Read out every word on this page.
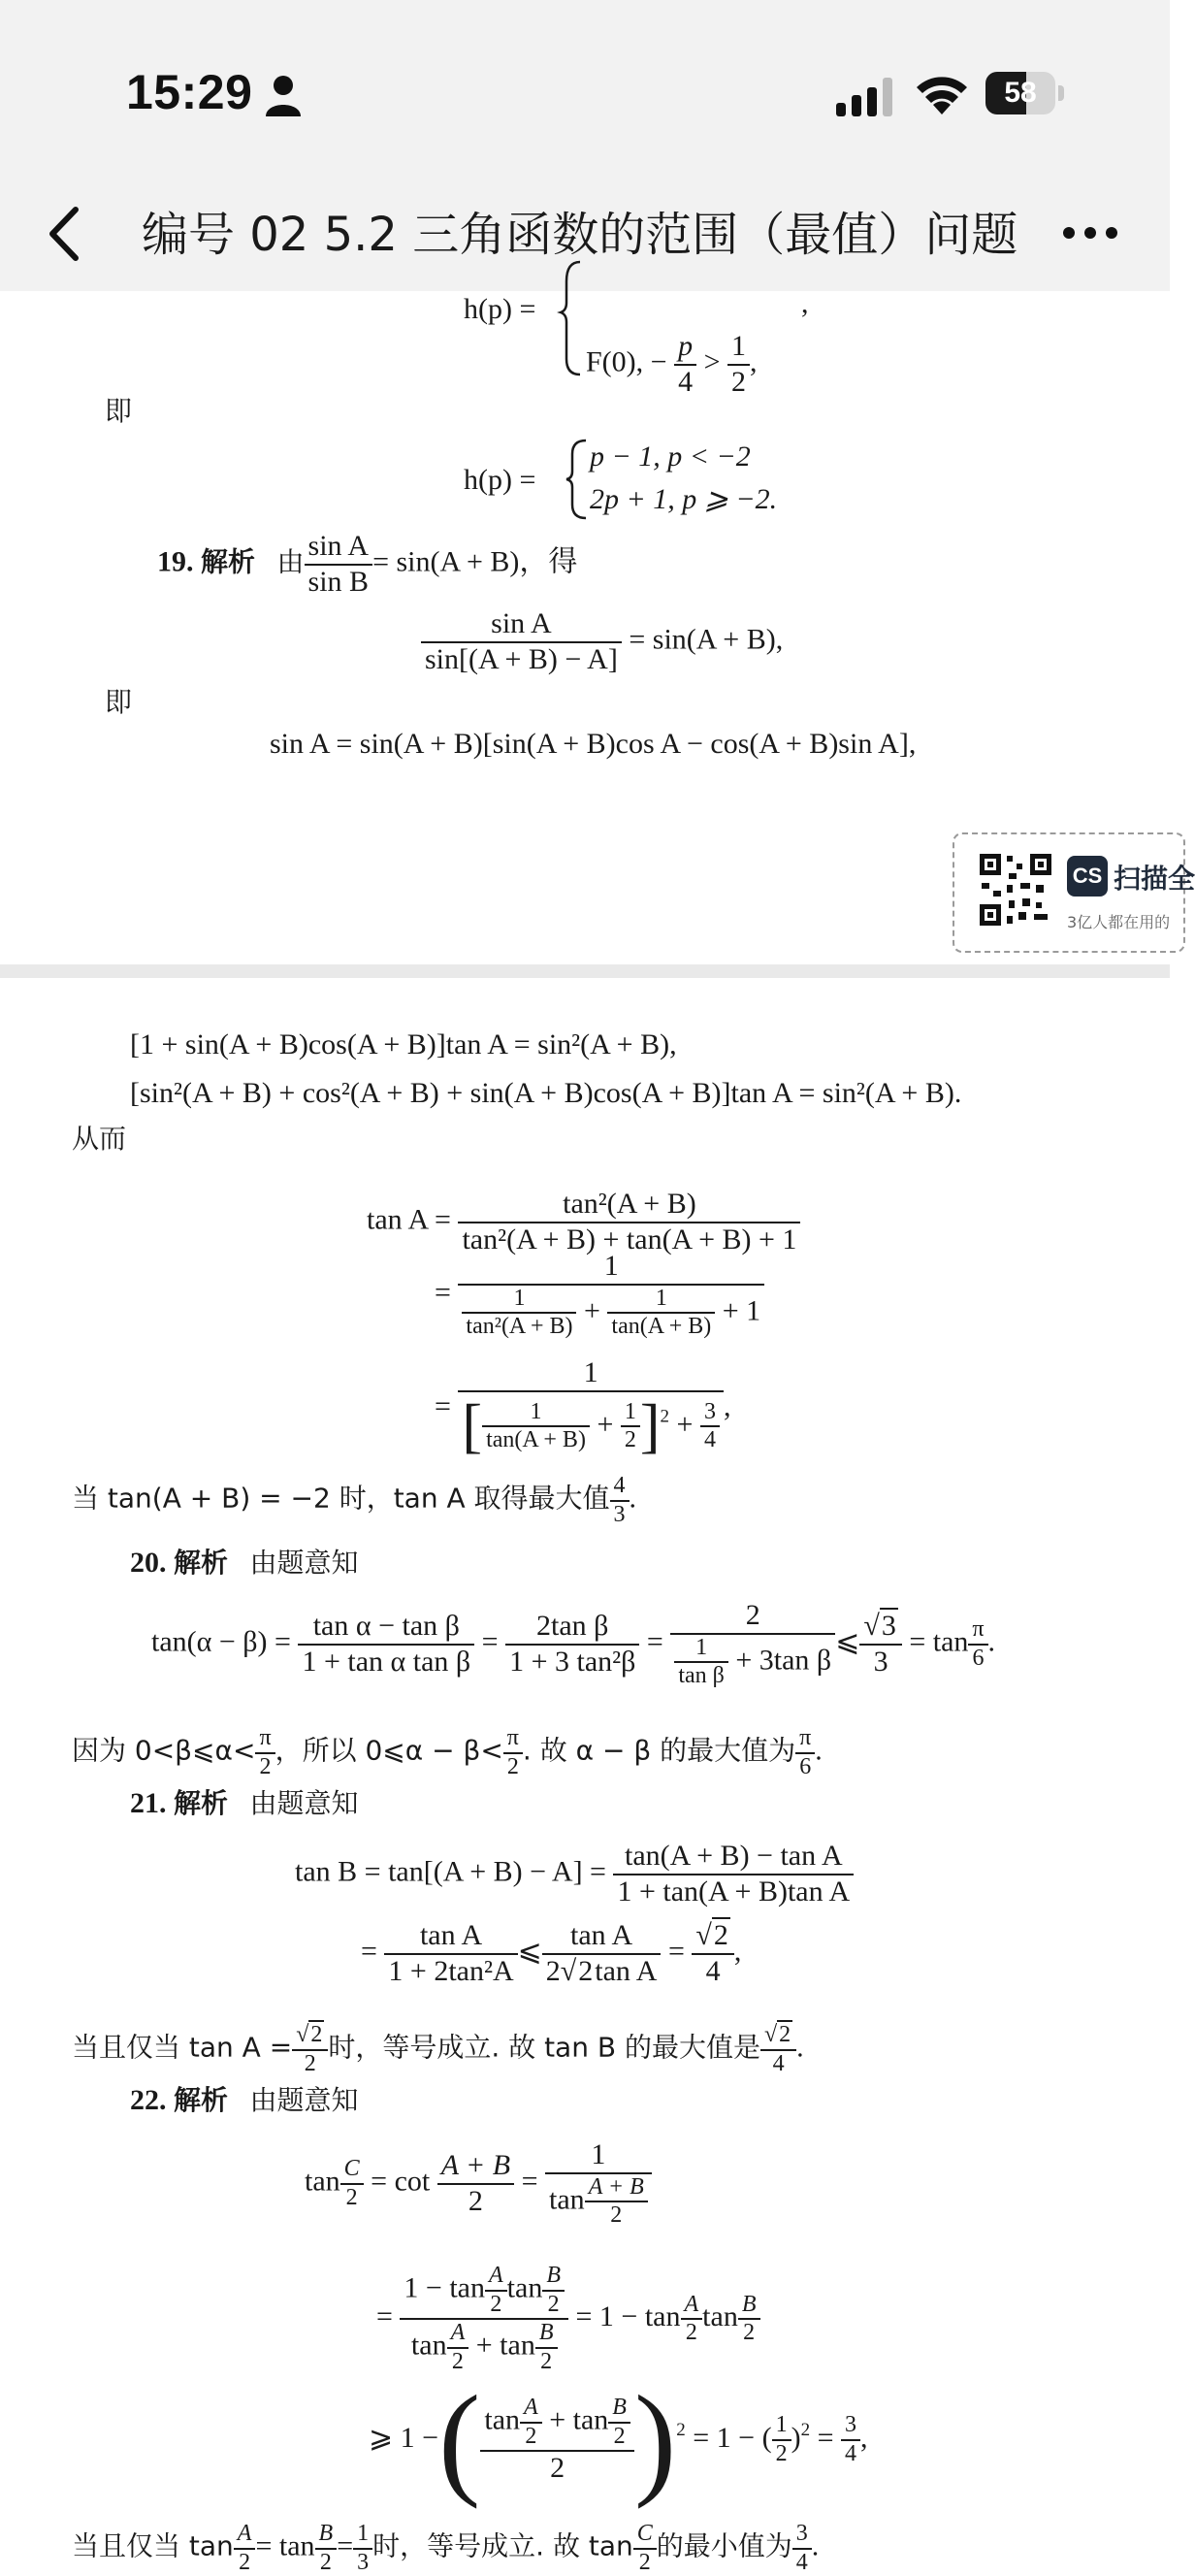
15:29	58
编号 02 5.2 三角函数的范围（最值）问题
h(p) =
F(0), − $\frac{p}{4} > \frac{1}{2}$ ,
,
即
h(p) =
p − 1, p < −2
2p + 1, p ⩾ −2.
19. 解析 由 $\frac{\text{sin A}}{\text{sin B}} = \sin(A + B)$，得
$\frac{\text{sin A}}{\sin[(A + B) - A]} = \sin(A + B)$,
即
sin A = sin(A + B)[sin(A + B)cos A − cos(A + B)sin A],
CS 扫描全
3亿人都在用的
[1 + sin(A + B)cos(A + B)]tan A = sin²(A + B),
[sin²(A + B) + cos²(A + B) + sin(A + B)cos(A + B)]tan A = sin²(A + B).
从而
$\tan A = \frac{\text{tan²(A + B)}}{\text{tan²(A + B) + tan(A + B) + 1}}$
= $\frac{1}{\frac{1}{\text{tan²(A + B)}} + \frac{1}{\tan(A + B)} + 1}$
= $\frac{1}{[ \frac{1}{\tan(A + B)} + \frac{1}{2} ]^2 + \frac{3}{4}}$ ,
当 tan(A + B) = −2 时，tan A 取得最大值 $\frac{4}{3}$ .
20. 解析 由题意知
$\tan(\alpha - \beta) = \frac{\text{tan α − tan β}}{\text{1 + tan α tan β}} = \frac{\text{2tan β}}{\text{1 + 3 tan²β}} = \frac{2}{\frac{1}{\text{tan β}} + 3\tan \beta}$ ⩽ $\frac{√3}{3} = \tan \frac{\pi}{6}$ .
因为 0<β⩽α< $\frac{\pi}{2}$ ，所以 0⩽α − $\beta< \frac{\pi}{2}$ . 故 α − β 的最大值为 $\frac{\pi}{6}$ .
21. 解析 由题意知
$\tan B = \tan[(A + B) - A] = \frac{\text{tan(A + B) − tan A}}{\text{1 + tan(A + B)tan A}}$
= $\frac{\text{tan A}}{\text{1 + 2tan²A}}$ ⩽ $\frac{\text{tan A}}{\text{2√2tan A}} = \frac{√2}{4}$ ,
当且仅当 $\tan A = \frac{√2}{2}$ 时，等号成立. 故 tan B 的最大值是 $\frac{√2}{4}$ .
22. 解析 由题意知
$\tan \frac{C}{2} = \cot \frac{A + B}{2} = \frac{1}{\tan \frac{A + B}{2}}$
= $\frac{1 - \tan \frac{A}{2} \tan \frac{B}{2}}{\tan \frac{A}{2} + \tan \frac{B}{2}} = 1 - \tan \frac{A}{2}$ $\tan \frac{B}{2}$
⩾ 1 −( $\frac{\tan \frac{A}{2} + \tan \frac{B}{2}}{2} )^2 = 1$ − ( $\frac{1}{2} )^2 = \frac{3}{4}$ ,
当且仅当 $\tan \frac{A}{2} = \tan \frac{B}{2} = \frac{1}{3}$ 时，等号成立. 故 $\tan \frac{C}{2}$ 的最小值为 $\frac{3}{4}$ .
